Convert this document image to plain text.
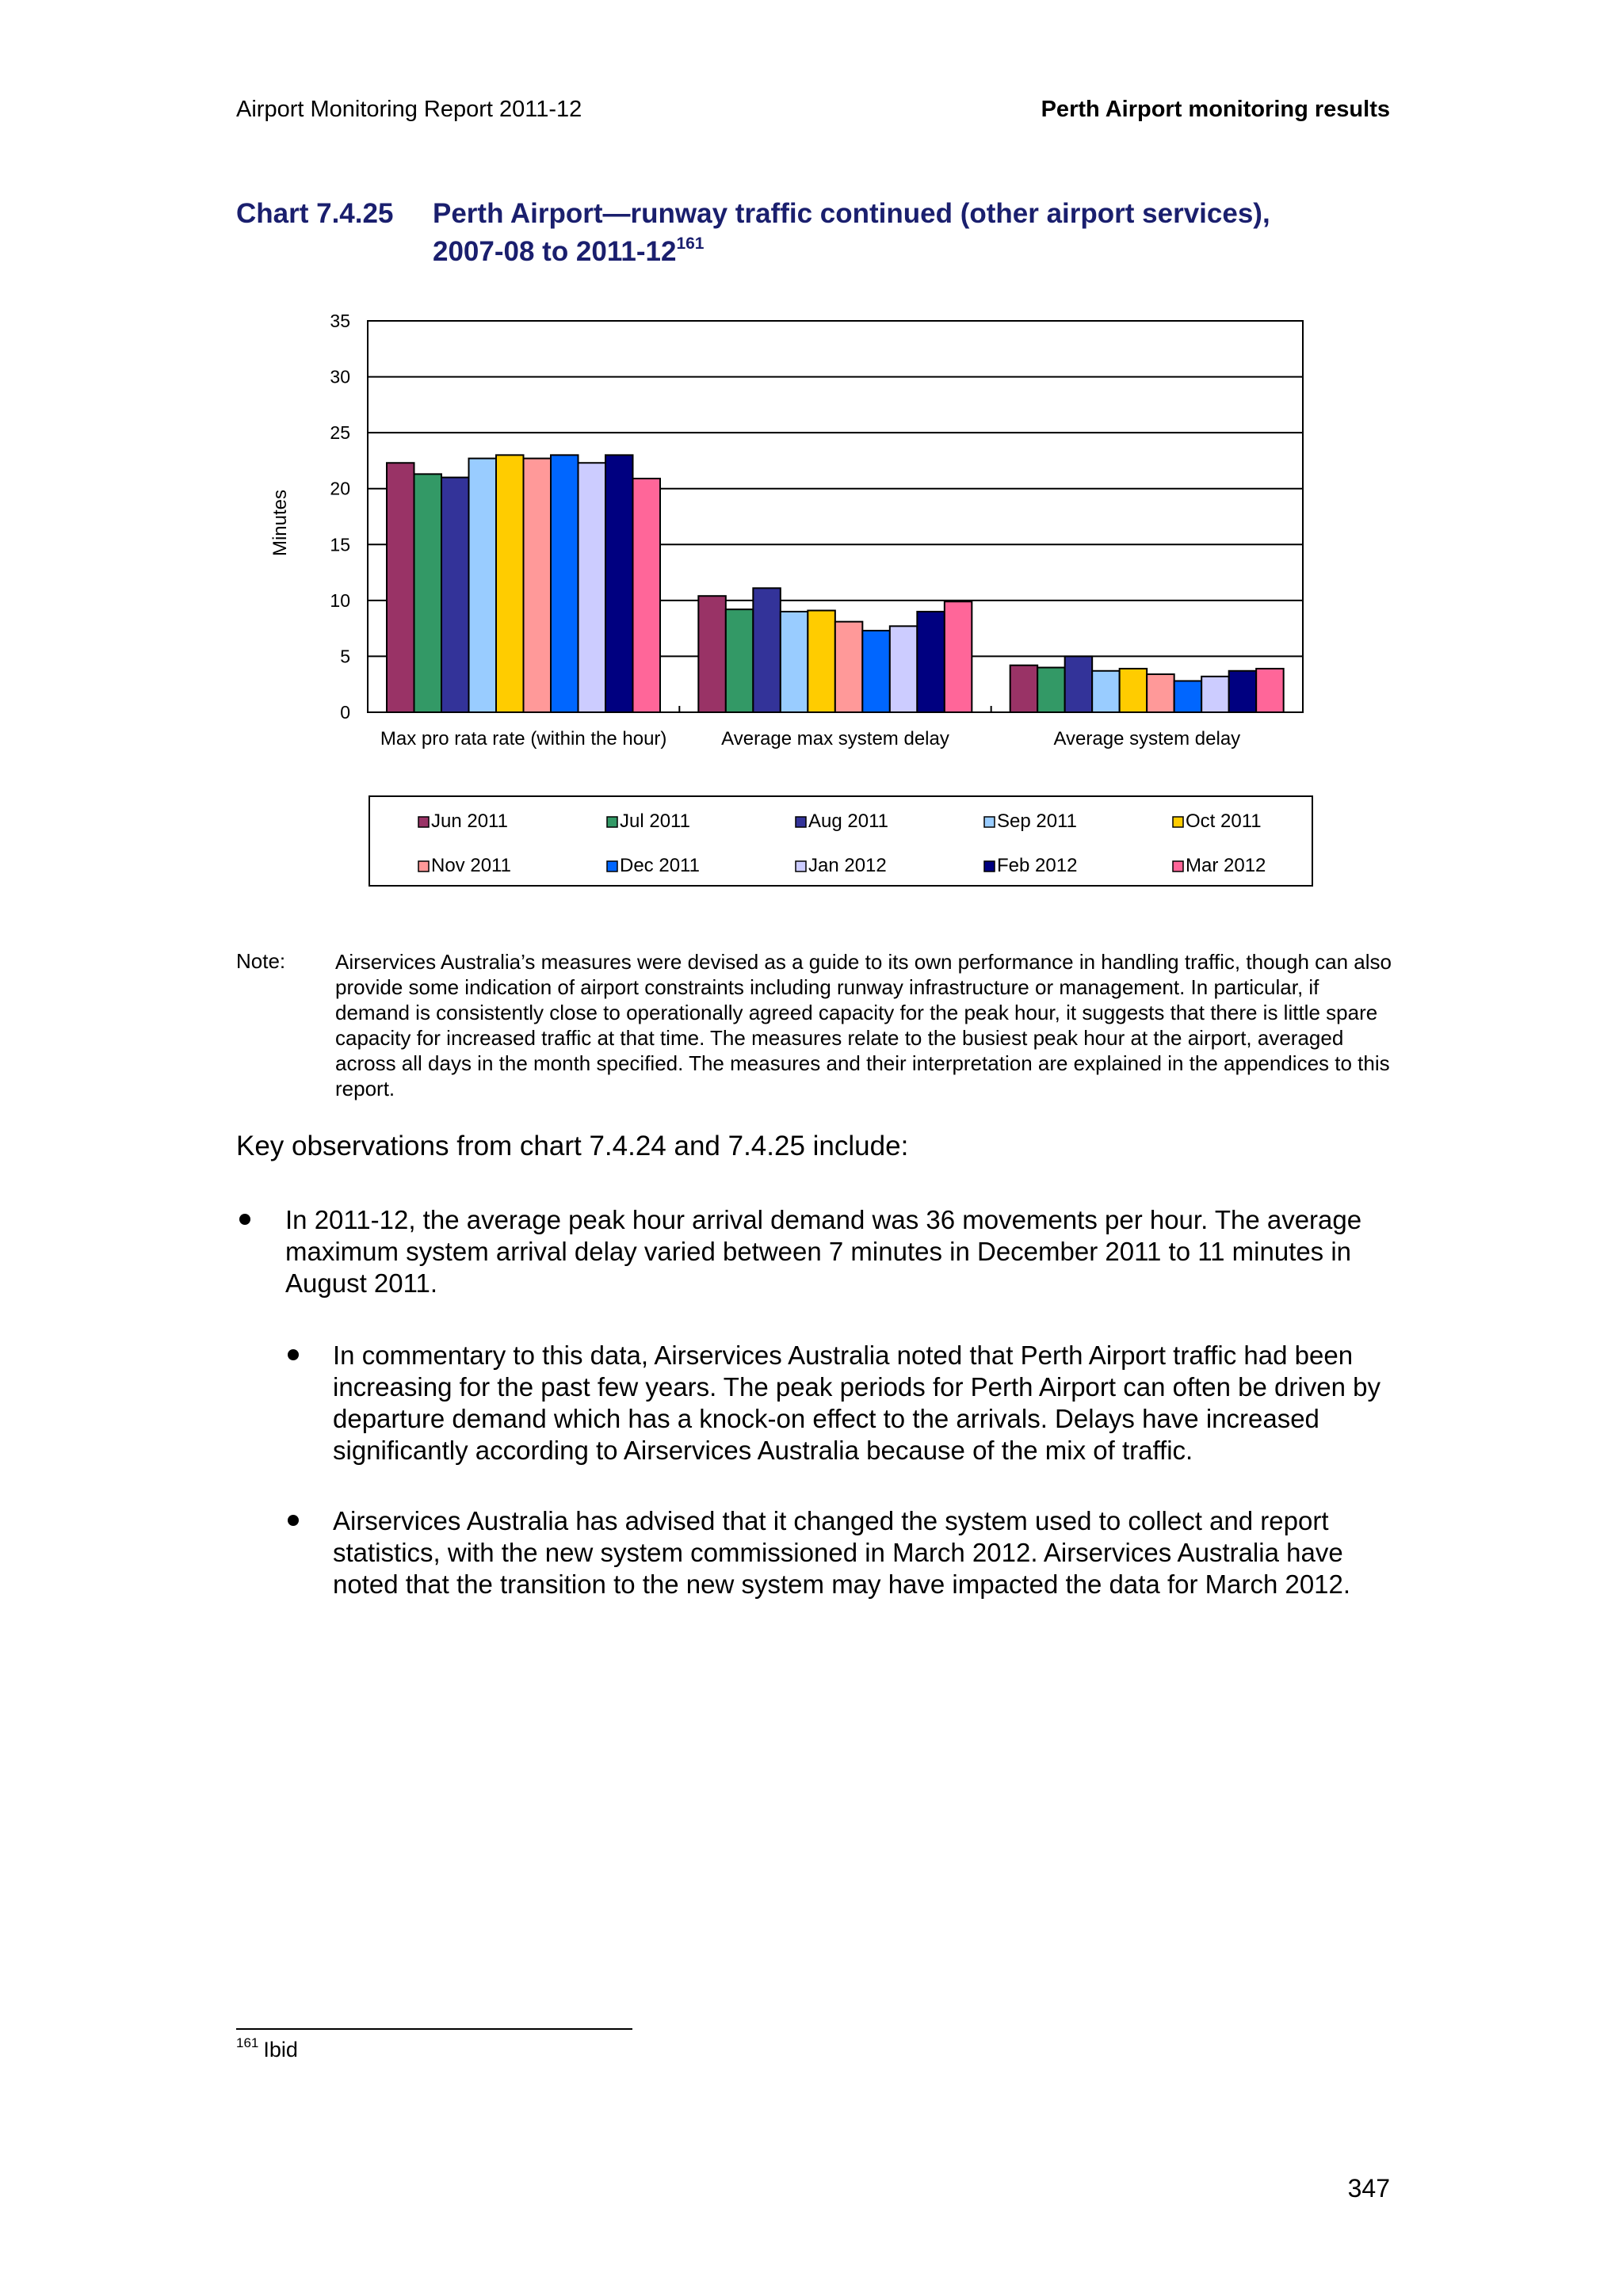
Airport Monitoring Report 2011-12	Perth Airport monitoring results
Chart 7.4.25 Perth Airport—runway traffic continued (other airport services),
2007-08 to $2011-12^{161}$
Minutes
0
5
10
15
20
25
30
35
Max pro rata rate (within the hour)	Average max system delay	Average system delay
Jun 2011	Jul 2011	Aug 2011	Sep 2011	Oct 2011
Nov 2011	Dec 2011	Jan 2012	Feb 2012	Mar 2012
Note: Airservices Australia’s measures were devised as a guide to its own performance in handling traffic, though can also provide some indication of airport constraints including runway infrastructure or management. In particular, if demand is consistently close to operationally agreed capacity for the peak hour, it suggests that there is little spare capacity for increased traffic at that time. The measures relate to the busiest peak hour at the airport, averaged across all days in the month specified. The measures and their interpretation are explained in the appendices to this report.
Key observations from chart 7.4.24 and 7.4.25 include:
In 2011-12, the average peak hour arrival demand was 36 movements per hour. The average maximum system arrival delay varied between 7 minutes in December 2011 to 11 minutes in August 2011.
In commentary to this data, Airservices Australia noted that Perth Airport traffic had been increasing for the past few years. The peak periods for Perth Airport can often be driven by departure demand which has a knock-on effect to the arrivals. Delays have increased significantly according to Airservices Australia because of the mix of traffic.
Airservices Australia has advised that it changed the system used to collect and report statistics, with the new system commissioned in March 2012. Airservices Australia have noted that the transition to the new system may have impacted the data for March 2012.
$^{161}$ Ibid
347
